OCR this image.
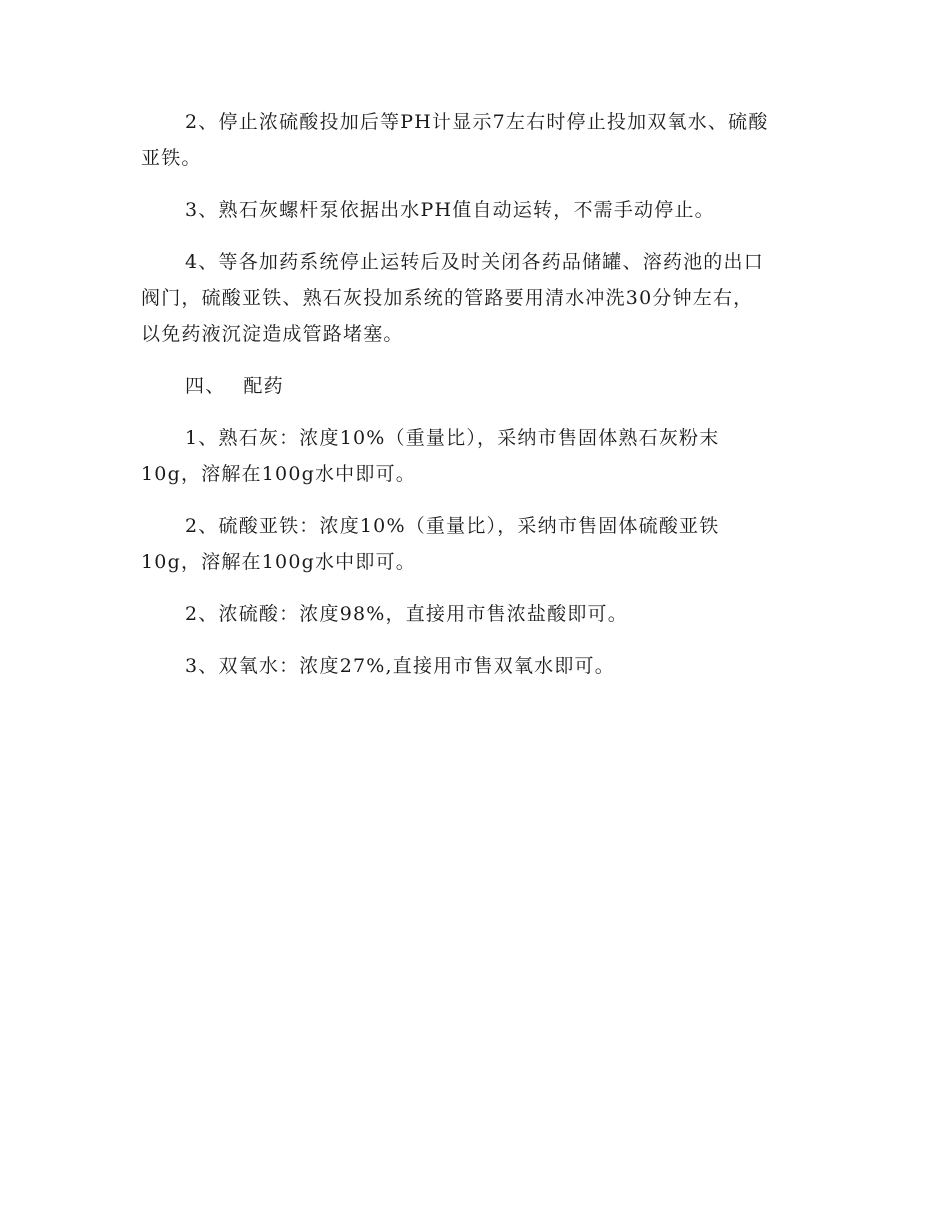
2、停止浓硫酸投加后等PH计显示7左右时停止投加双氧水、硫酸
亚铁。

3、熟石灰螺杆泵依据出水PH值自动运转，不需手动停止。

4、等各加药系统停止运转后及时关闭各药品储罐、溶药池的出口
阀门，硫酸亚铁、熟石灰投加系统的管路要用清水冲洗30分钟左右，
以免药液沉淀造成管路堵塞。

四、 配药

1、熟石灰：浓度10%（重量比），采纳市售固体熟石灰粉末
10g，溶解在100g水中即可。

2、硫酸亚铁：浓度10%（重量比），采纳市售固体硫酸亚铁
10g，溶解在100g水中即可。

2、浓硫酸：浓度98%，直接用市售浓盐酸即可。

3、双氧水：浓度27%,直接用市售双氧水即可。
